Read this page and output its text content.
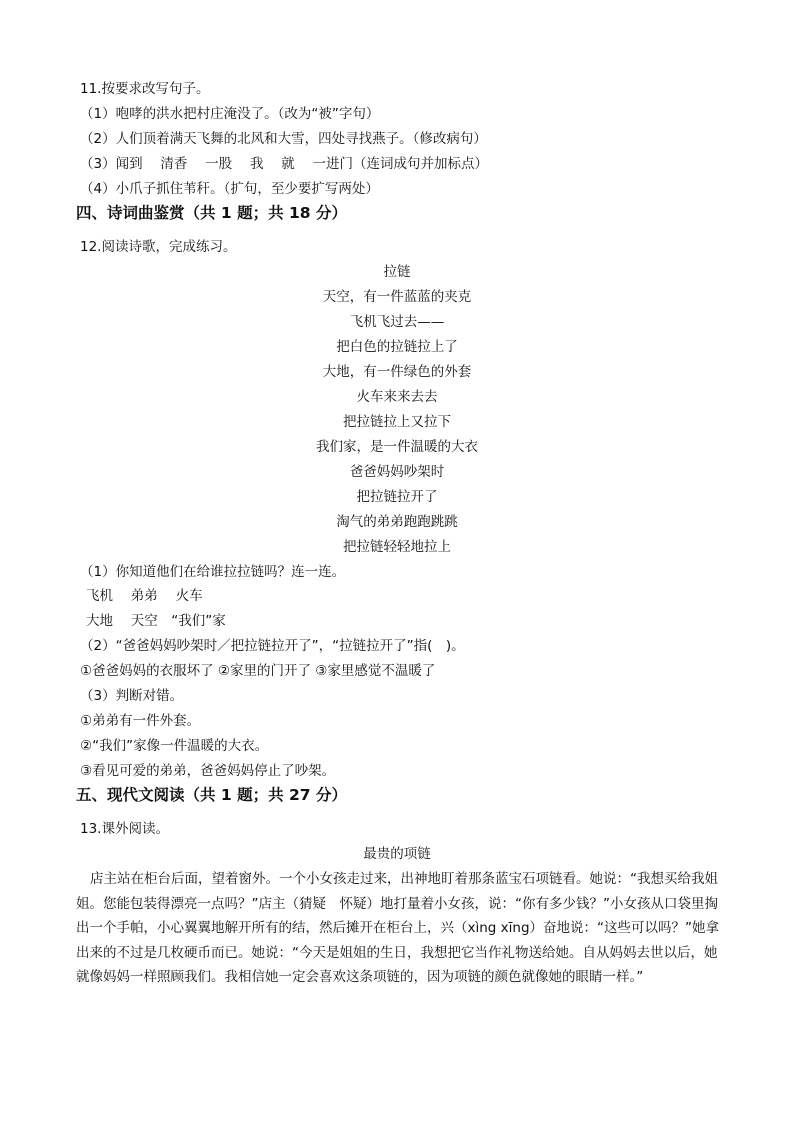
11.按要求改写句子。
（1）咆哮的洪水把村庄淹没了。（改为“被”字句）
（2）人们顶着满天飞舞的北风和大雪，四处寻找燕子。（修改病句）
（3）闻到　 清香　 一股　 我　 就　 一进门（连词成句并加标点）
（4）小爪子抓住苇秆。（扩句，至少要扩写两处）
四、诗词曲鉴赏（共 1 题；共 18 分）
12.阅读诗歌，完成练习。
拉链
天空，有一件蓝蓝的夹克
飞机飞过去——
把白色的拉链拉上了
大地，有一件绿色的外套
火车来来去去
把拉链拉上又拉下
我们家，是一件温暖的大衣
爸爸妈妈吵架时
把拉链拉开了
淘气的弟弟跑跑跳跳
把拉链轻轻地拉上
（1）你知道他们在给谁拉拉链吗？连一连。
飞机　 弟弟　 火车
大地　 天空　“我们”家
（2）“爸爸妈妈吵架时／把拉链拉开了”，“拉链拉开了”指(　)。
①爸爸妈妈的衣服坏了 ②家里的门开了 ③家里感觉不温暖了
（3）判断对错。
①弟弟有一件外套。
②“我们”家像一件温暖的大衣。
③看见可爱的弟弟，爸爸妈妈停止了吵架。
五、现代文阅读（共 1 题；共 27 分）
13.课外阅读。
最贵的项链
店主站在柜台后面，望着窗外。一个小女孩走过来，出神地盯着那条蓝宝石项链看。她说：“我想买给我姐姐。您能包装得漂亮一点吗？”店主（猜疑　怀疑）地打量着小女孩，说：“你有多少钱？”小女孩从口袋里掏出一个手帕，小心翼翼地解开所有的结，然后摊开在柜台上，兴（xìng xīng）奋地说：“这些可以吗？”她拿出来的不过是几枚硬币而已。她说：“今天是姐姐的生日，我想把它当作礼物送给她。自从妈妈去世以后，她就像妈妈一样照顾我们。我相信她一定会喜欢这条项链的，因为项链的颜色就像她的眼睛一样。”
